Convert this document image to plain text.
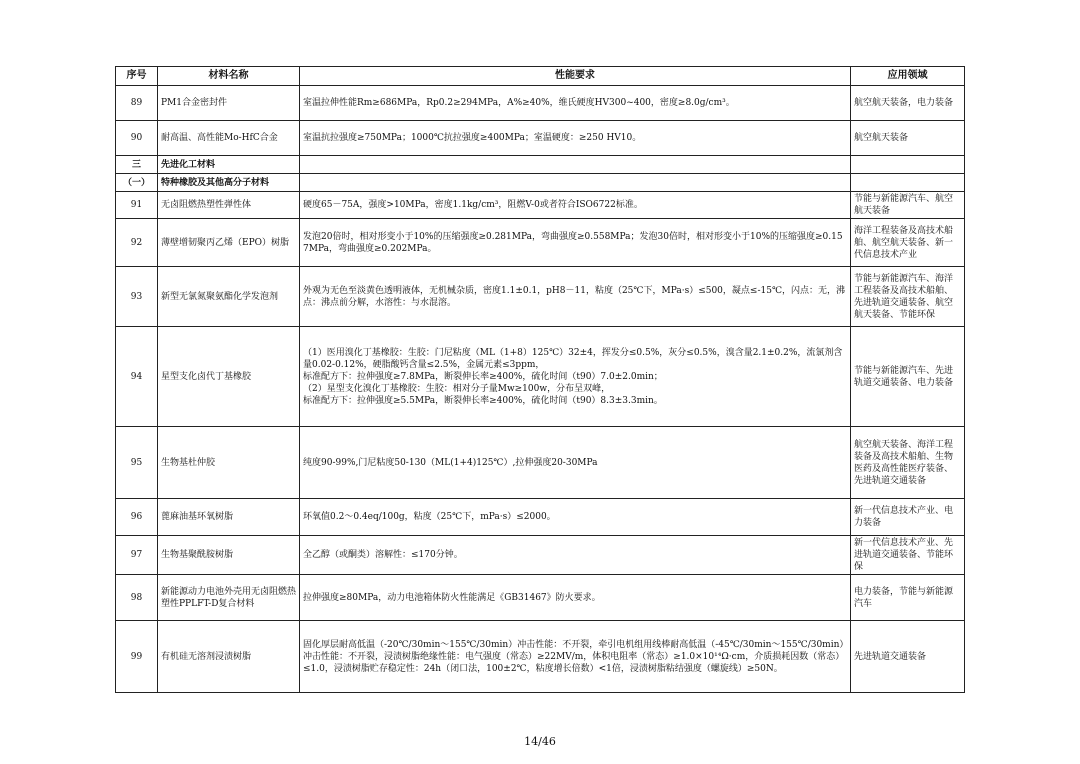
序号	材料名称	性能要求	应用领域
89	PM1合金密封件	室温拉伸性能Rm≥686MPa，Rp0.2≥294MPa，A%≥40%，维氏硬度HV300~400，密度≥8.0g/cm³。	航空航天装备，电力装备
90	耐高温、高性能Mo-HfC合金	室温抗拉强度≥750MPa；1000℃抗拉强度≥400MPa；室温硬度：≥250 HV10。	航空航天装备
三	先进化工材料		
（一）	特种橡胶及其他高分子材料		
91	无卤阻燃热塑性弹性体	硬度65－75A，强度>10MPa，密度1.1kg/cm³，阻燃V-0或者符合ISO6722标准。	节能与新能源汽车、航空航天装备
92	薄壁增韧聚丙乙烯（EPO）树脂	发泡20倍时，相对形变小于10%的压缩强度≥0.281MPa，弯曲强度≥0.558MPa；发泡30倍时，相对形变小于10%的压缩强度≥0.157MPa，弯曲强度≥0.202MPa。	海洋工程装备及高技术船舶、航空航天装备、新一代信息技术产业
93	新型无氯氮聚氨酯化学发泡剂	外观为无色至淡黄色透明液体，无机械杂质，密度1.1±0.1，pH8－11，粘度（25℃下，MPa·s）≤500，凝点≤-15℃，闪点：无，沸点：沸点前分解，水溶性：与水混溶。	节能与新能源汽车、海洋工程装备及高技术船舶、先进轨道交通装备、航空航天装备、节能环保
94	星型支化卤代丁基橡胶	（1）医用溴化丁基橡胶：生胶：门尼粘度（ML（1+8）125℃）32±4，挥发分≤0.5%，灰分≤0.5%，溴含量2.1±0.2%，流氯剂含量0.02-0.12%，硬脂酸钙含量≤2.5%，金属元素≤3ppm，
标准配方下：拉伸强度≥7.8MPa，断裂伸长率≥400%，硫化时间（t90）7.0±2.0min；
（2）星型支化溴化丁基橡胶：生胶：相对分子量Mw≥100w，分布呈双峰，
标准配方下：拉伸强度≥5.5MPa，断裂伸长率≥400%，硫化时间（t90）8.3±3.3min。	节能与新能源汽车、先进轨道交通装备、电力装备
95	生物基杜仲胶	纯度90-99%,门尼粘度50-130（ML(1+4)125℃）,拉伸强度20-30MPa	航空航天装备、海洋工程装备及高技术船舶、生物医药及高性能医疗装备、先进轨道交通装备
96	蓖麻油基环氧树脂	环氧值0.2～0.4eq/100g，粘度（25℃下，mPa·s）≤2000。	新一代信息技术产业、电力装备
97	生物基聚酰胺树脂	全乙醇（或酮类）溶解性：≤170分钟。	新一代信息技术产业、先进轨道交通装备、节能环保
98	新能源动力电池外壳用无卤阻燃热塑性PPLFT-D复合材料	拉伸强度≥80MPa，动力电池箱体防火性能满足《GB31467》防火要求。	电力装备，节能与新能源汽车
99	有机硅无溶剂浸渍树脂	固化厚层耐高低温（-20℃/30min～155℃/30min）冲击性能：不开裂，牵引电机组用线棒耐高低温（-45℃/30min～155℃/30min）冲击性能：不开裂，浸渍树脂绝缘性能：电气强度（常态）≥22MV/m，体积电阻率（常态）≥1.0×10¹⁴Ω·cm，介质损耗因数（常态）≤1.0，浸渍树脂贮存稳定性：24h（闭口法，100±2℃，粘度增长倍数）<1倍，浸渍树脂粘结强度（螺旋线）≥50N。	先进轨道交通装备
14/46
